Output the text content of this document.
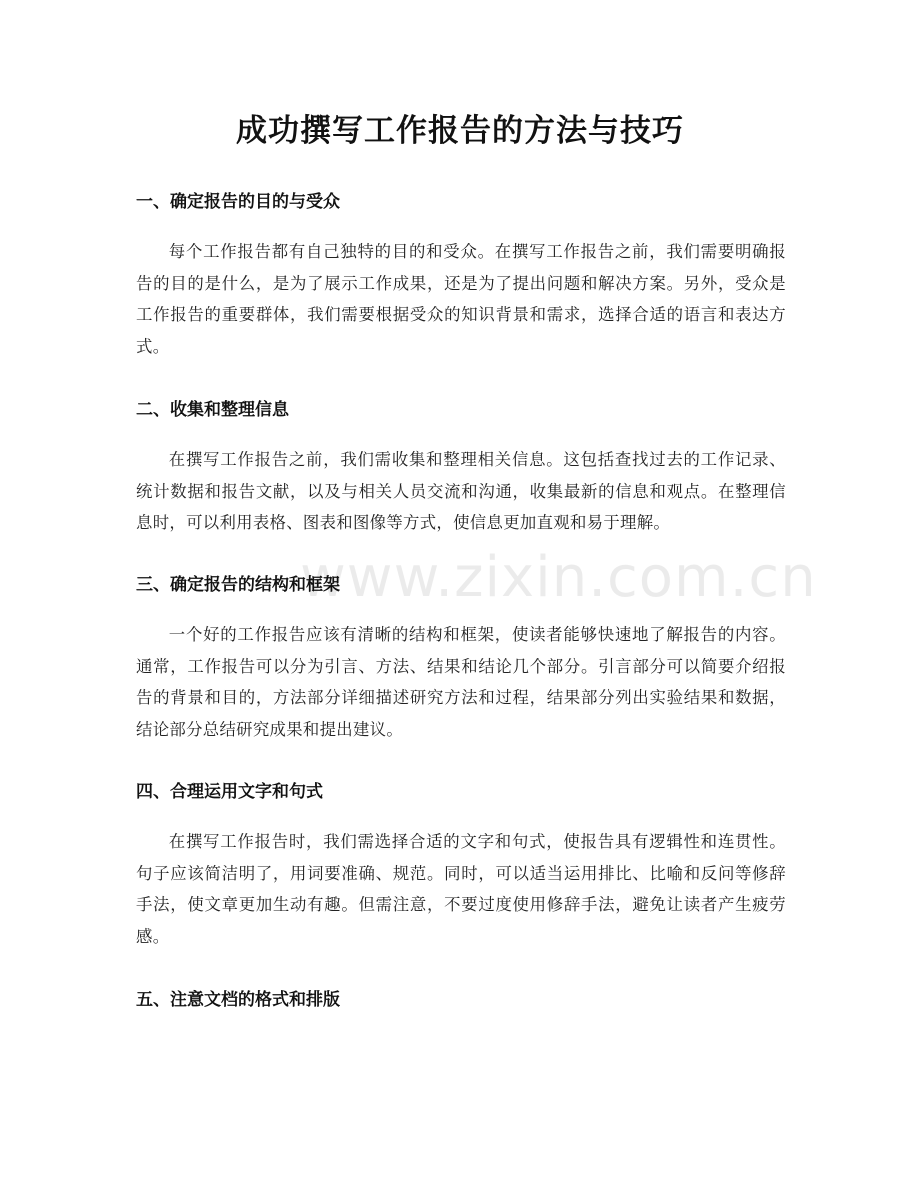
成功撰写工作报告的方法与技巧
一、确定报告的目的与受众

每个工作报告都有自己独特的目的和受众。在撰写工作报告之前，我们需要明确报告的目的是什么，是为了展示工作成果，还是为了提出问题和解决方案。另外，受众是工作报告的重要群体，我们需要根据受众的知识背景和需求，选择合适的语言和表达方式。

二、收集和整理信息

在撰写工作报告之前，我们需收集和整理相关信息。这包括查找过去的工作记录、统计数据和报告文献，以及与相关人员交流和沟通，收集最新的信息和观点。在整理信息时，可以利用表格、图表和图像等方式，使信息更加直观和易于理解。

三、确定报告的结构和框架

一个好的工作报告应该有清晰的结构和框架，使读者能够快速地了解报告的内容。通常，工作报告可以分为引言、方法、结果和结论几个部分。引言部分可以简要介绍报告的背景和目的，方法部分详细描述研究方法和过程，结果部分列出实验结果和数据，结论部分总结研究成果和提出建议。

四、合理运用文字和句式

在撰写工作报告时，我们需选择合适的文字和句式，使报告具有逻辑性和连贯性。句子应该简洁明了，用词要准确、规范。同时，可以适当运用排比、比喻和反问等修辞手法，使文章更加生动有趣。但需注意，不要过度使用修辞手法，避免让读者产生疲劳感。

五、注意文档的格式和排版
www.zixin.com.cn
